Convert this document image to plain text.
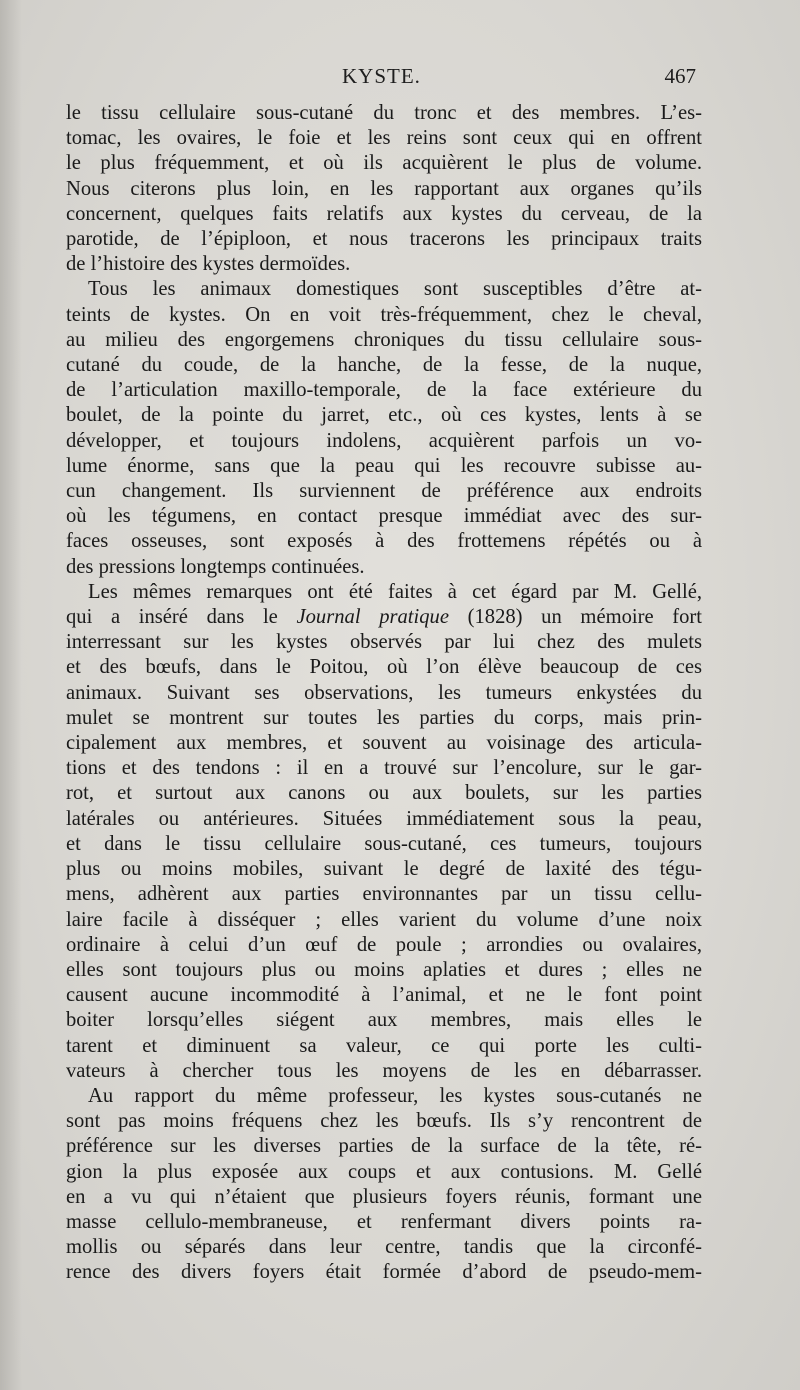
KYSTE.	467
le tissu cellulaire sous-cutané du tronc et des membres. L’es-
tomac, les ovaires, le foie et les reins sont ceux qui en offrent
le plus fréquemment, et où ils acquièrent le plus de volume.
Nous citerons plus loin, en les rapportant aux organes qu’ils
concernent, quelques faits relatifs aux kystes du cerveau, de la
parotide, de l’épiploon, et nous tracerons les principaux traits
de l’histoire des kystes dermoïdes.
Tous les animaux domestiques sont susceptibles d’être at-
teints de kystes. On en voit très-fréquemment, chez le cheval,
au milieu des engorgemens chroniques du tissu cellulaire sous-
cutané du coude, de la hanche, de la fesse, de la nuque,
de l’articulation maxillo-temporale, de la face extérieure du
boulet, de la pointe du jarret, etc., où ces kystes, lents à se
développer, et toujours indolens, acquièrent parfois un vo-
lume énorme, sans que la peau qui les recouvre subisse au-
cun changement. Ils surviennent de préférence aux endroits
où les tégumens, en contact presque immédiat avec des sur-
faces osseuses, sont exposés à des frottemens répétés ou à
des pressions longtemps continuées.
Les mêmes remarques ont été faites à cet égard par M. Gellé,
qui a inséré dans le Journal pratique (1828) un mémoire fort
interressant sur les kystes observés par lui chez des mulets
et des bœufs, dans le Poitou, où l’on élève beaucoup de ces
animaux. Suivant ses observations, les tumeurs enkystées du
mulet se montrent sur toutes les parties du corps, mais prin-
cipalement aux membres, et souvent au voisinage des articula-
tions et des tendons : il en a trouvé sur l’encolure, sur le gar-
rot, et surtout aux canons ou aux boulets, sur les parties
latérales ou antérieures. Situées immédiatement sous la peau,
et dans le tissu cellulaire sous-cutané, ces tumeurs, toujours
plus ou moins mobiles, suivant le degré de laxité des tégu-
mens, adhèrent aux parties environnantes par un tissu cellu-
laire facile à disséquer ; elles varient du volume d’une noix
ordinaire à celui d’un œuf de poule ; arrondies ou ovalaires,
elles sont toujours plus ou moins aplaties et dures ; elles ne
causent aucune incommodité à l’animal, et ne le font point
boiter lorsqu’elles siégent aux membres, mais elles le
tarent et diminuent sa valeur, ce qui porte les culti-
vateurs à chercher tous les moyens de les en débarrasser.
Au rapport du même professeur, les kystes sous-cutanés ne
sont pas moins fréquens chez les bœufs. Ils s’y rencontrent de
préférence sur les diverses parties de la surface de la tête, ré-
gion la plus exposée aux coups et aux contusions. M. Gellé
en a vu qui n’étaient que plusieurs foyers réunis, formant une
masse cellulo-membraneuse, et renfermant divers points ra-
mollis ou séparés dans leur centre, tandis que la circonfé-
rence des divers foyers était formée d’abord de pseudo-mem-
